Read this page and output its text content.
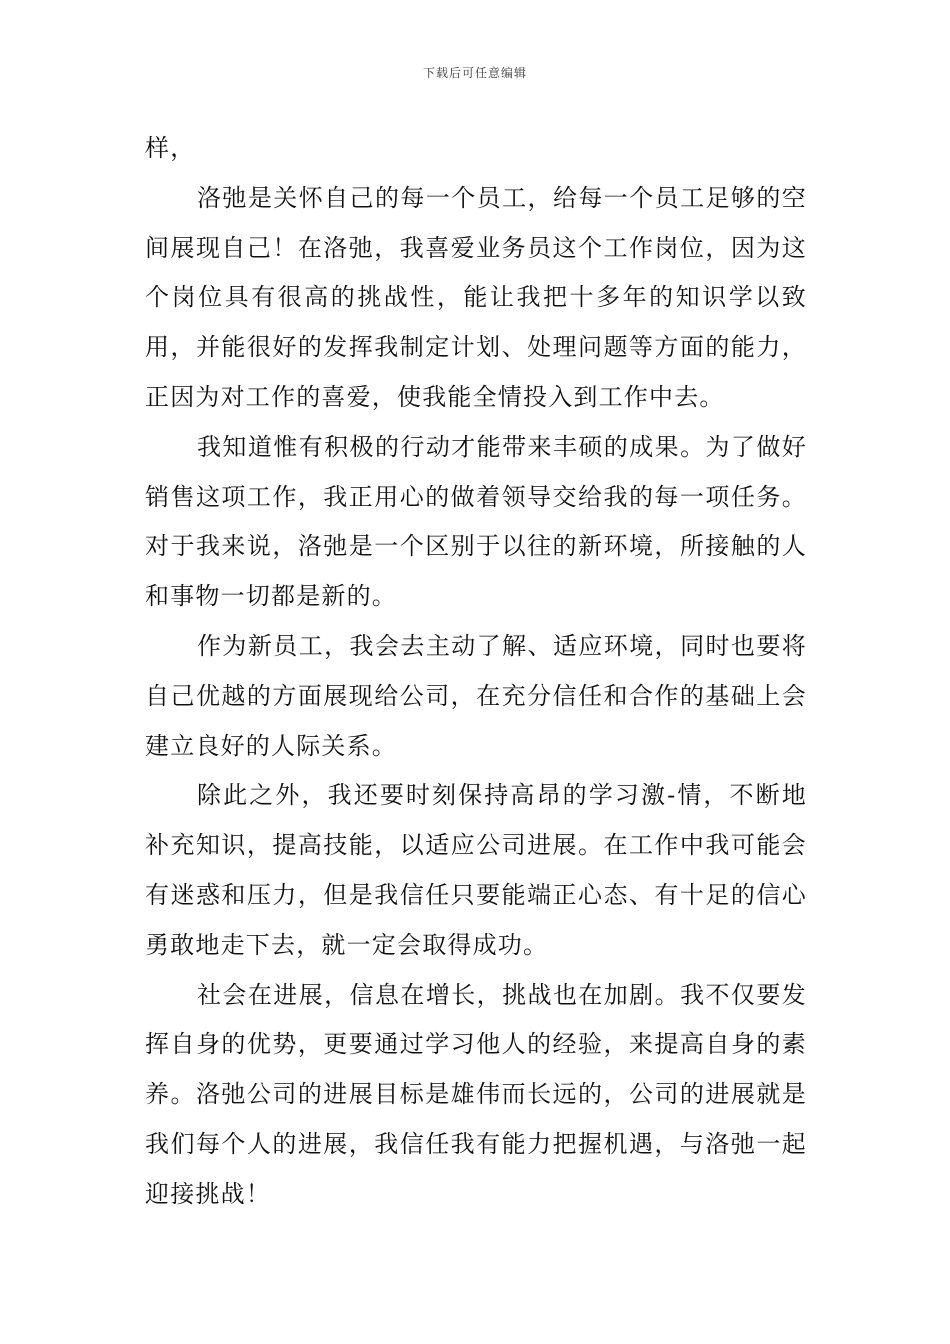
下载后可任意编辑

样，

洛弛是关怀自己的每一个员工，给每一个员工足够的空间展现自己！在洛弛，我喜爱业务员这个工作岗位，因为这个岗位具有很高的挑战性，能让我把十多年的知识学以致用，并能很好的发挥我制定计划、处理问题等方面的能力，正因为对工作的喜爱，使我能全情投入到工作中去。

我知道惟有积极的行动才能带来丰硕的成果。为了做好销售这项工作，我正用心的做着领导交给我的每一项任务。对于我来说，洛弛是一个区别于以往的新环境，所接触的人和事物一切都是新的。

作为新员工，我会去主动了解、适应环境，同时也要将自己优越的方面展现给公司，在充分信任和合作的基础上会建立良好的人际关系。

除此之外，我还要时刻保持高昂的学习激-情，不断地补充知识，提高技能，以适应公司进展。在工作中我可能会有迷惑和压力，但是我信任只要能端正心态、有十足的信心勇敢地走下去，就一定会取得成功。

社会在进展，信息在增长，挑战也在加剧。我不仅要发挥自身的优势，更要通过学习他人的经验，来提高自身的素养。洛弛公司的进展目标是雄伟而长远的，公司的进展就是我们每个人的进展，我信任我有能力把握机遇，与洛弛一起迎接挑战！
